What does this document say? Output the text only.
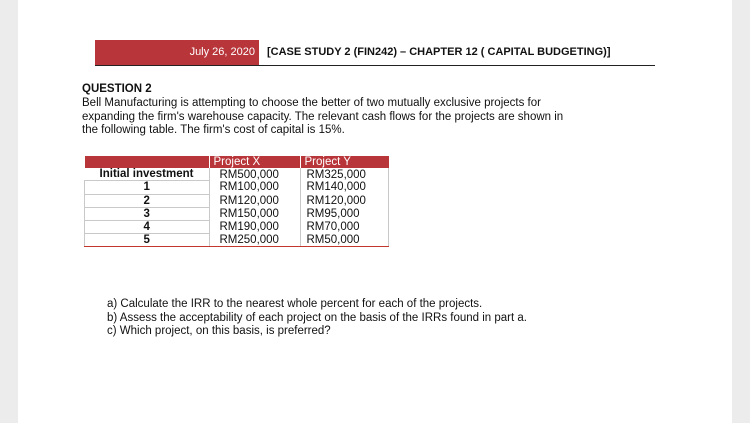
July 26, 2020 [CASE STUDY 2 (FIN242) – CHAPTER 12 ( CAPITAL BUDGETING)]
QUESTION 2
Bell Manufacturing is attempting to choose the better of two mutually exclusive projects for
expanding the firm's warehouse capacity. The relevant cash flows for the projects are shown in
the following table. The firm's cost of capital is 15%.
	Project X	Project Y
Initial investment	RM500,000	RM325,000
1	RM100,000	RM140,000
2	RM120,000	RM120,000
3	RM150,000	RM95,000
4	RM190,000	RM70,000
5	RM250,000	RM50,000
a) Calculate the IRR to the nearest whole percent for each of the projects.
b) Assess the acceptability of each project on the basis of the IRRs found in part a.
c) Which project, on this basis, is preferred?
